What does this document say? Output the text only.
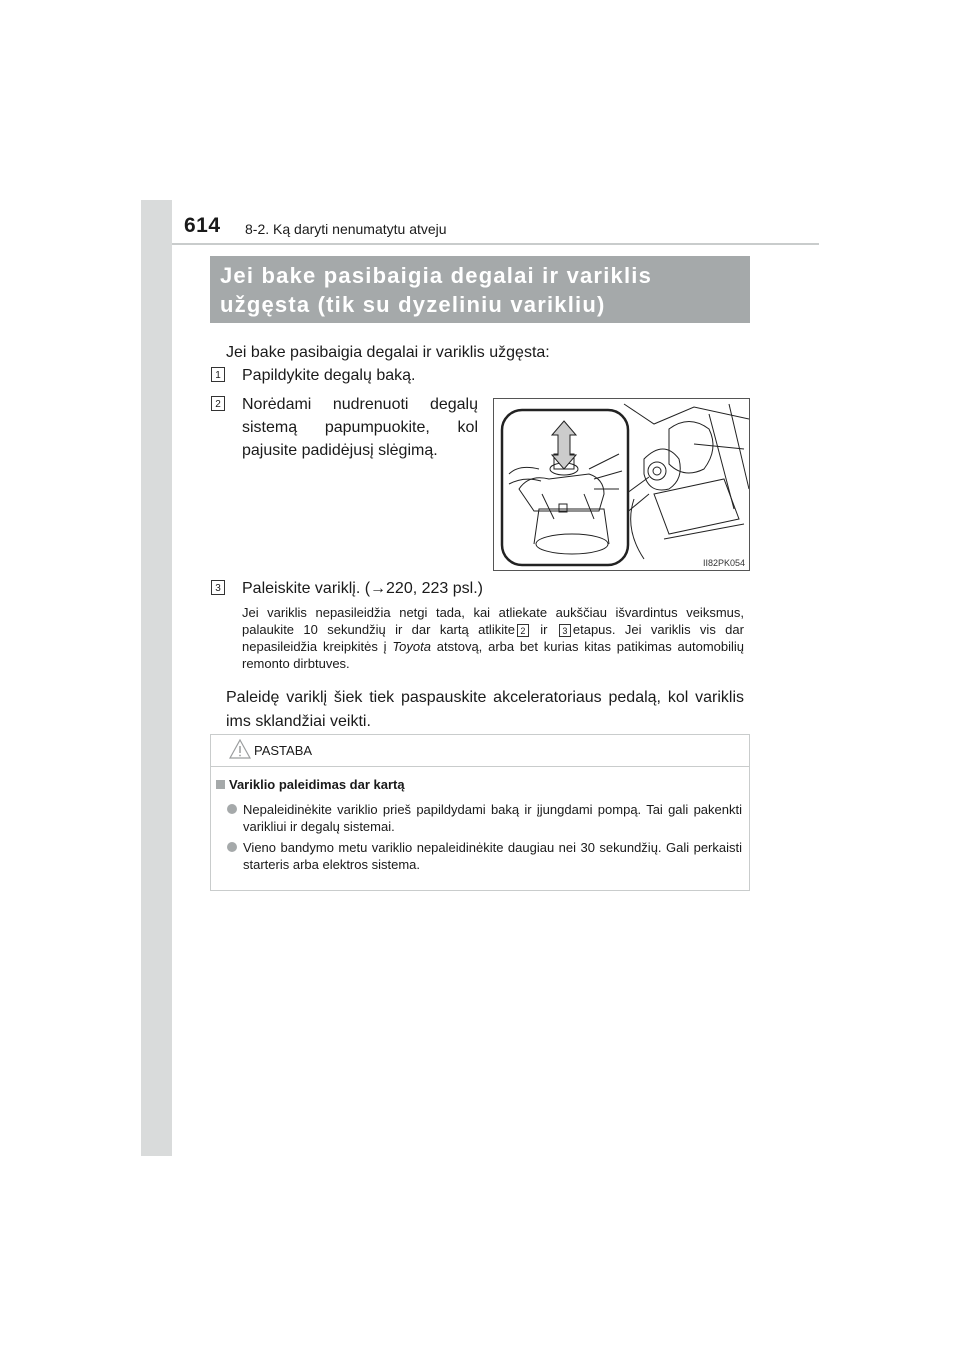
614 8-2. Ką daryti nenumatytu atveju
Jei bake pasibaigia degalai ir variklis
užgęsta (tik su dyzeliniu varikliu)
Jei bake pasibaigia degalai ir variklis užgęsta:
1 Papildykite degalų baką.
2 Norėdami nudrenuoti degalų
sistemą papumpuokite, kol
pajusite padidėjusį slėgimą.
II82PK054
3 Paleiskite variklį. (→220, 223 psl.)
Jei variklis nepasileidžia netgi tada, kai atliekate aukščiau išvardintus veiksmus, palaukite 10 sekundžių ir dar kartą atlikite 2 ir 3 etapus. Jei variklis vis dar nepasileidžia kreipkitės į Toyota atstovą, arba bet kurias kitas patikimas automobilių remonto dirbtuves.
Paleidę variklį šiek tiek paspauskite akceleratoriaus pedalą, kol variklis ims sklandžiai veikti.
PASTABA
Variklio paleidimas dar kartą
Nepaleidinėkite variklio prieš papildydami baką ir įjungdami pompą. Tai gali pakenkti varikliui ir degalų sistemai.
Vieno bandymo metu variklio nepaleidinėkite daugiau nei 30 sekundžių. Gali perkaisti starteris arba elektros sistema.
